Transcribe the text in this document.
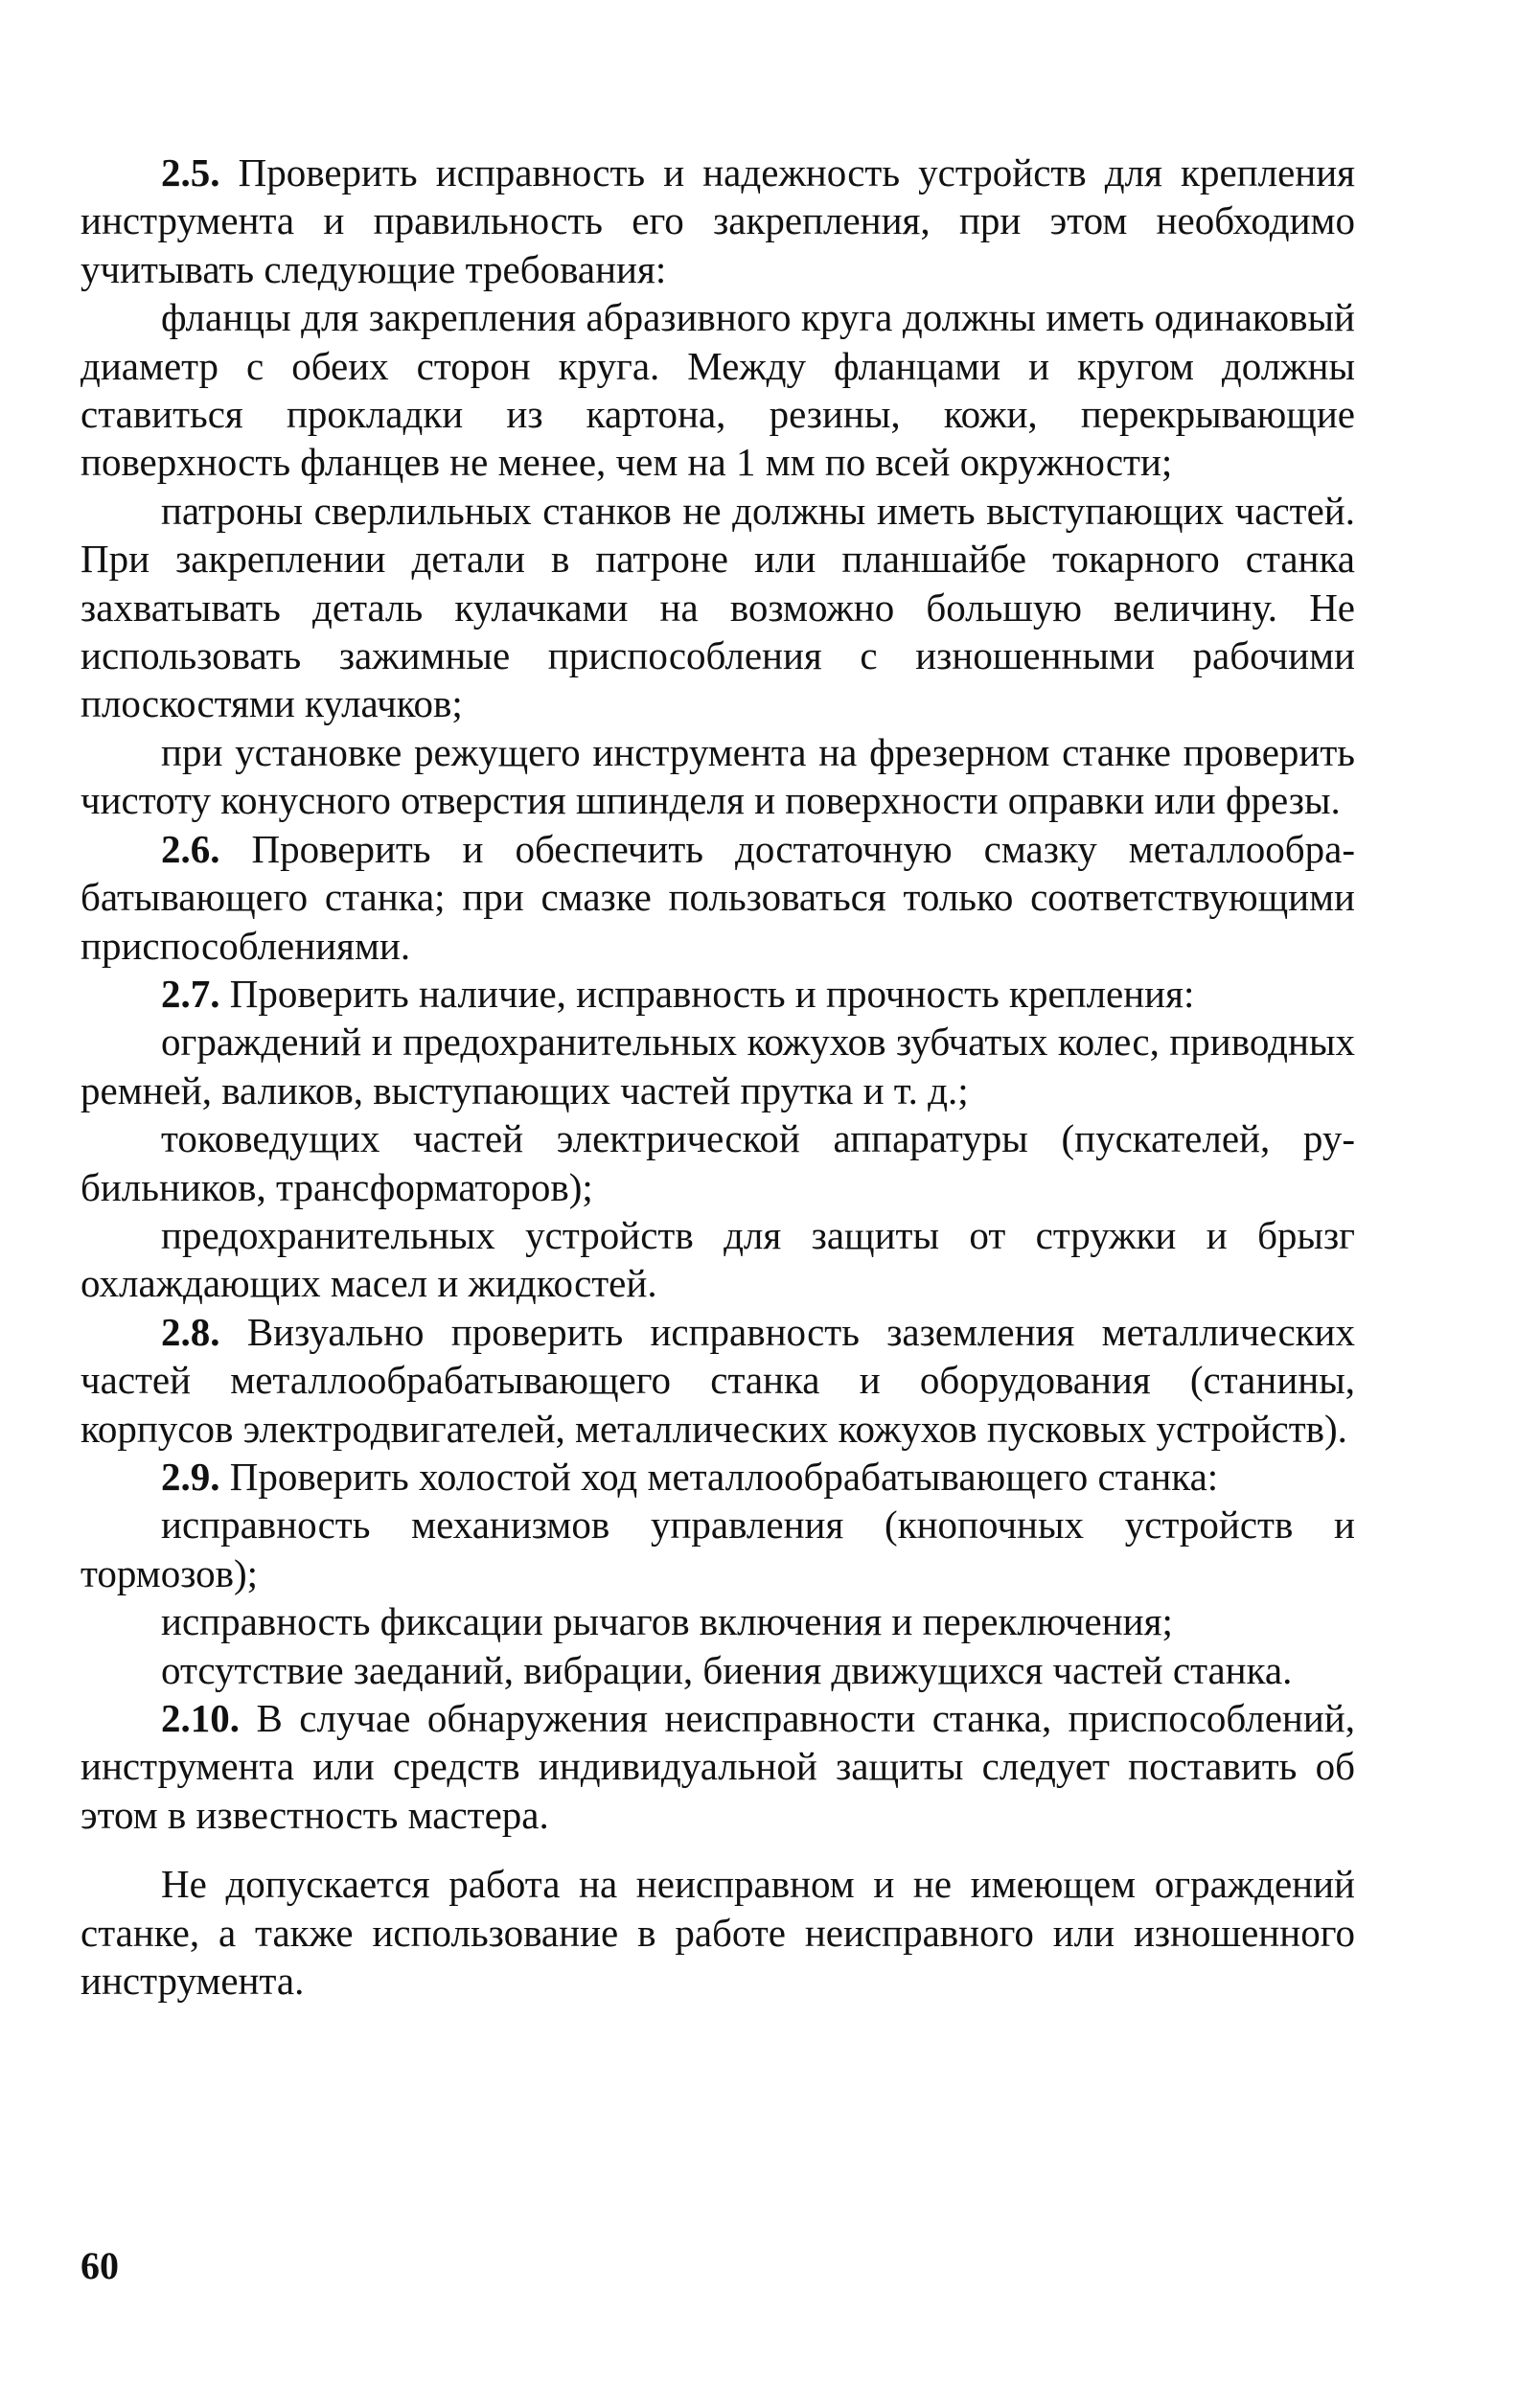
2.5. Проверить исправность и надежность устройств для крепления инструмента и правильность его закрепления, при этом необходимо учитывать следующие требования:

фланцы для закрепления абразивного круга должны иметь одинаковый диаметр с обеих сторон круга. Между фланцами и кругом должны ставиться прокладки из картона, резины, кожи, перекрывающие поверхность фланцев не менее, чем на 1 мм по всей окружности;

патроны сверлильных станков не должны иметь выступающих частей. При закреплении детали в патроне или планшайбе токарного станка захватывать деталь кулачками на возможно большую величину. Не использовать зажимные приспособления с изношенными рабочими плоскостями кулачков;

при установке режущего инструмента на фрезерном станке проверить чистоту конусного отверстия шпинделя и поверхности оправки или фрезы.

2.6. Проверить и обеспечить достаточную смазку металлообрабатывающего станка; при смазке пользоваться только соответствующими приспособлениями.

2.7. Проверить наличие, исправность и прочность крепления:

ограждений и предохранительных кожухов зубчатых колес, приводных ремней, валиков, выступающих частей прутка и т. д.;

токоведущих частей электрической аппаратуры (пускателей, рубильников, трансформаторов);

предохранительных устройств для защиты от стружки и брызг охлаждающих масел и жидкостей.

2.8. Визуально проверить исправность заземления металлических частей металлообрабатывающего станка и оборудования (станины, корпусов электродвигателей, металлических кожухов пусковых устройств).

2.9. Проверить холостой ход металлообрабатывающего станка:

исправность механизмов управления (кнопочных устройств и тормозов);

исправность фиксации рычагов включения и переключения;

отсутствие заеданий, вибрации, биения движущихся частей станка.

2.10. В случае обнаружения неисправности станка, приспособлений, инструмента или средств индивидуальной защиты следует поставить об этом в известность мастера.

Не допускается работа на неисправном и не имеющем ограждений станке, а также использование в работе неисправного или изношенного инструмента.

60
